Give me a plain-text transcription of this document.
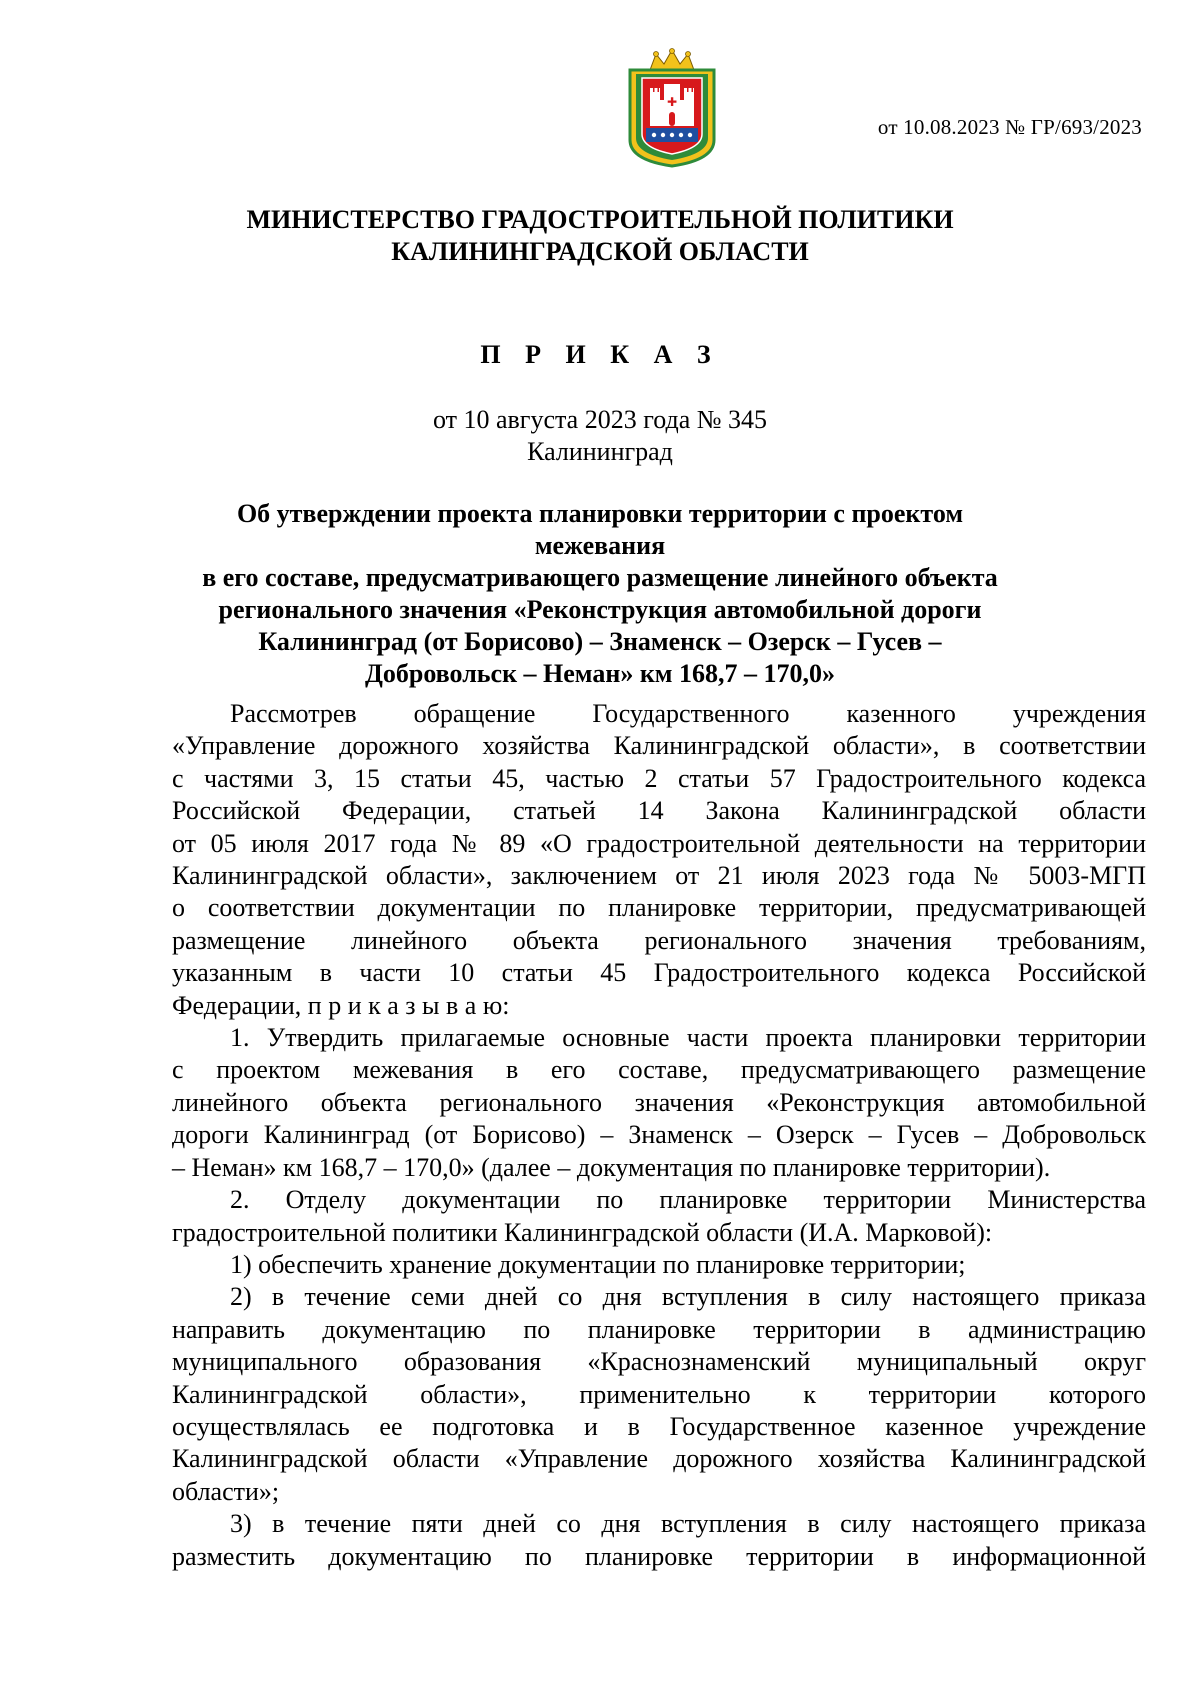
✚
от 10.08.2023 № ГР/693/2023
МИНИСТЕРСТВО ГРАДОСТРОИТЕЛЬНОЙ ПОЛИТИКИ
КАЛИНИНГРАДСКОЙ ОБЛАСТИ
П Р И К А З
от 10 августа 2023 года № 345
Калининград
Об утверждении проекта планировки территории с проектом межевания
в его составе, предусматривающего размещение линейного объекта
регионального значения «Реконструкция автомобильной дороги
Калининград (от Борисово) – Знаменск – Озерск – Гусев –
Добровольск – Неман» км 168,7 – 170,0»
Рассмотрев обращение Государственного казенного учреждения
«Управление дорожного хозяйства Калининградской области», в соответствии
с частями 3, 15 статьи 45, частью 2 статьи 57 Градостроительного кодекса
Российской Федерации, статьей 14 Закона Калининградской области
от 05 июля 2017 года № 89 «О градостроительной деятельности на территории
Калининградской области», заключением от 21 июля 2023 года № 5003-МГП
о соответствии документации по планировке территории, предусматривающей
размещение линейного объекта регионального значения требованиям,
указанным в части 10 статьи 45 Градостроительного кодекса Российской
Федерации, п р и к а з ы в а ю:
1. Утвердить прилагаемые основные части проекта планировки территории
с проектом межевания в его составе, предусматривающего размещение
линейного объекта регионального значения «Реконструкция автомобильной
дороги Калининград (от Борисово) – Знаменск – Озерск – Гусев – Добровольск
– Неман» км 168,7 – 170,0» (далее – документация по планировке территории).
2. Отделу документации по планировке территории Министерства
градостроительной политики Калининградской области (И.А. Марковой):
1) обеспечить хранение документации по планировке территории;
2) в течение семи дней со дня вступления в силу настоящего приказа
направить документацию по планировке территории в администрацию
муниципального образования «Краснознаменский муниципальный округ
Калининградской области», применительно к территории которого
осуществлялась ее подготовка и в Государственное казенное учреждение
Калининградской области «Управление дорожного хозяйства Калининградской
области»;
3) в течение пяти дней со дня вступления в силу настоящего приказа
разместить документацию по планировке территории в информационной
